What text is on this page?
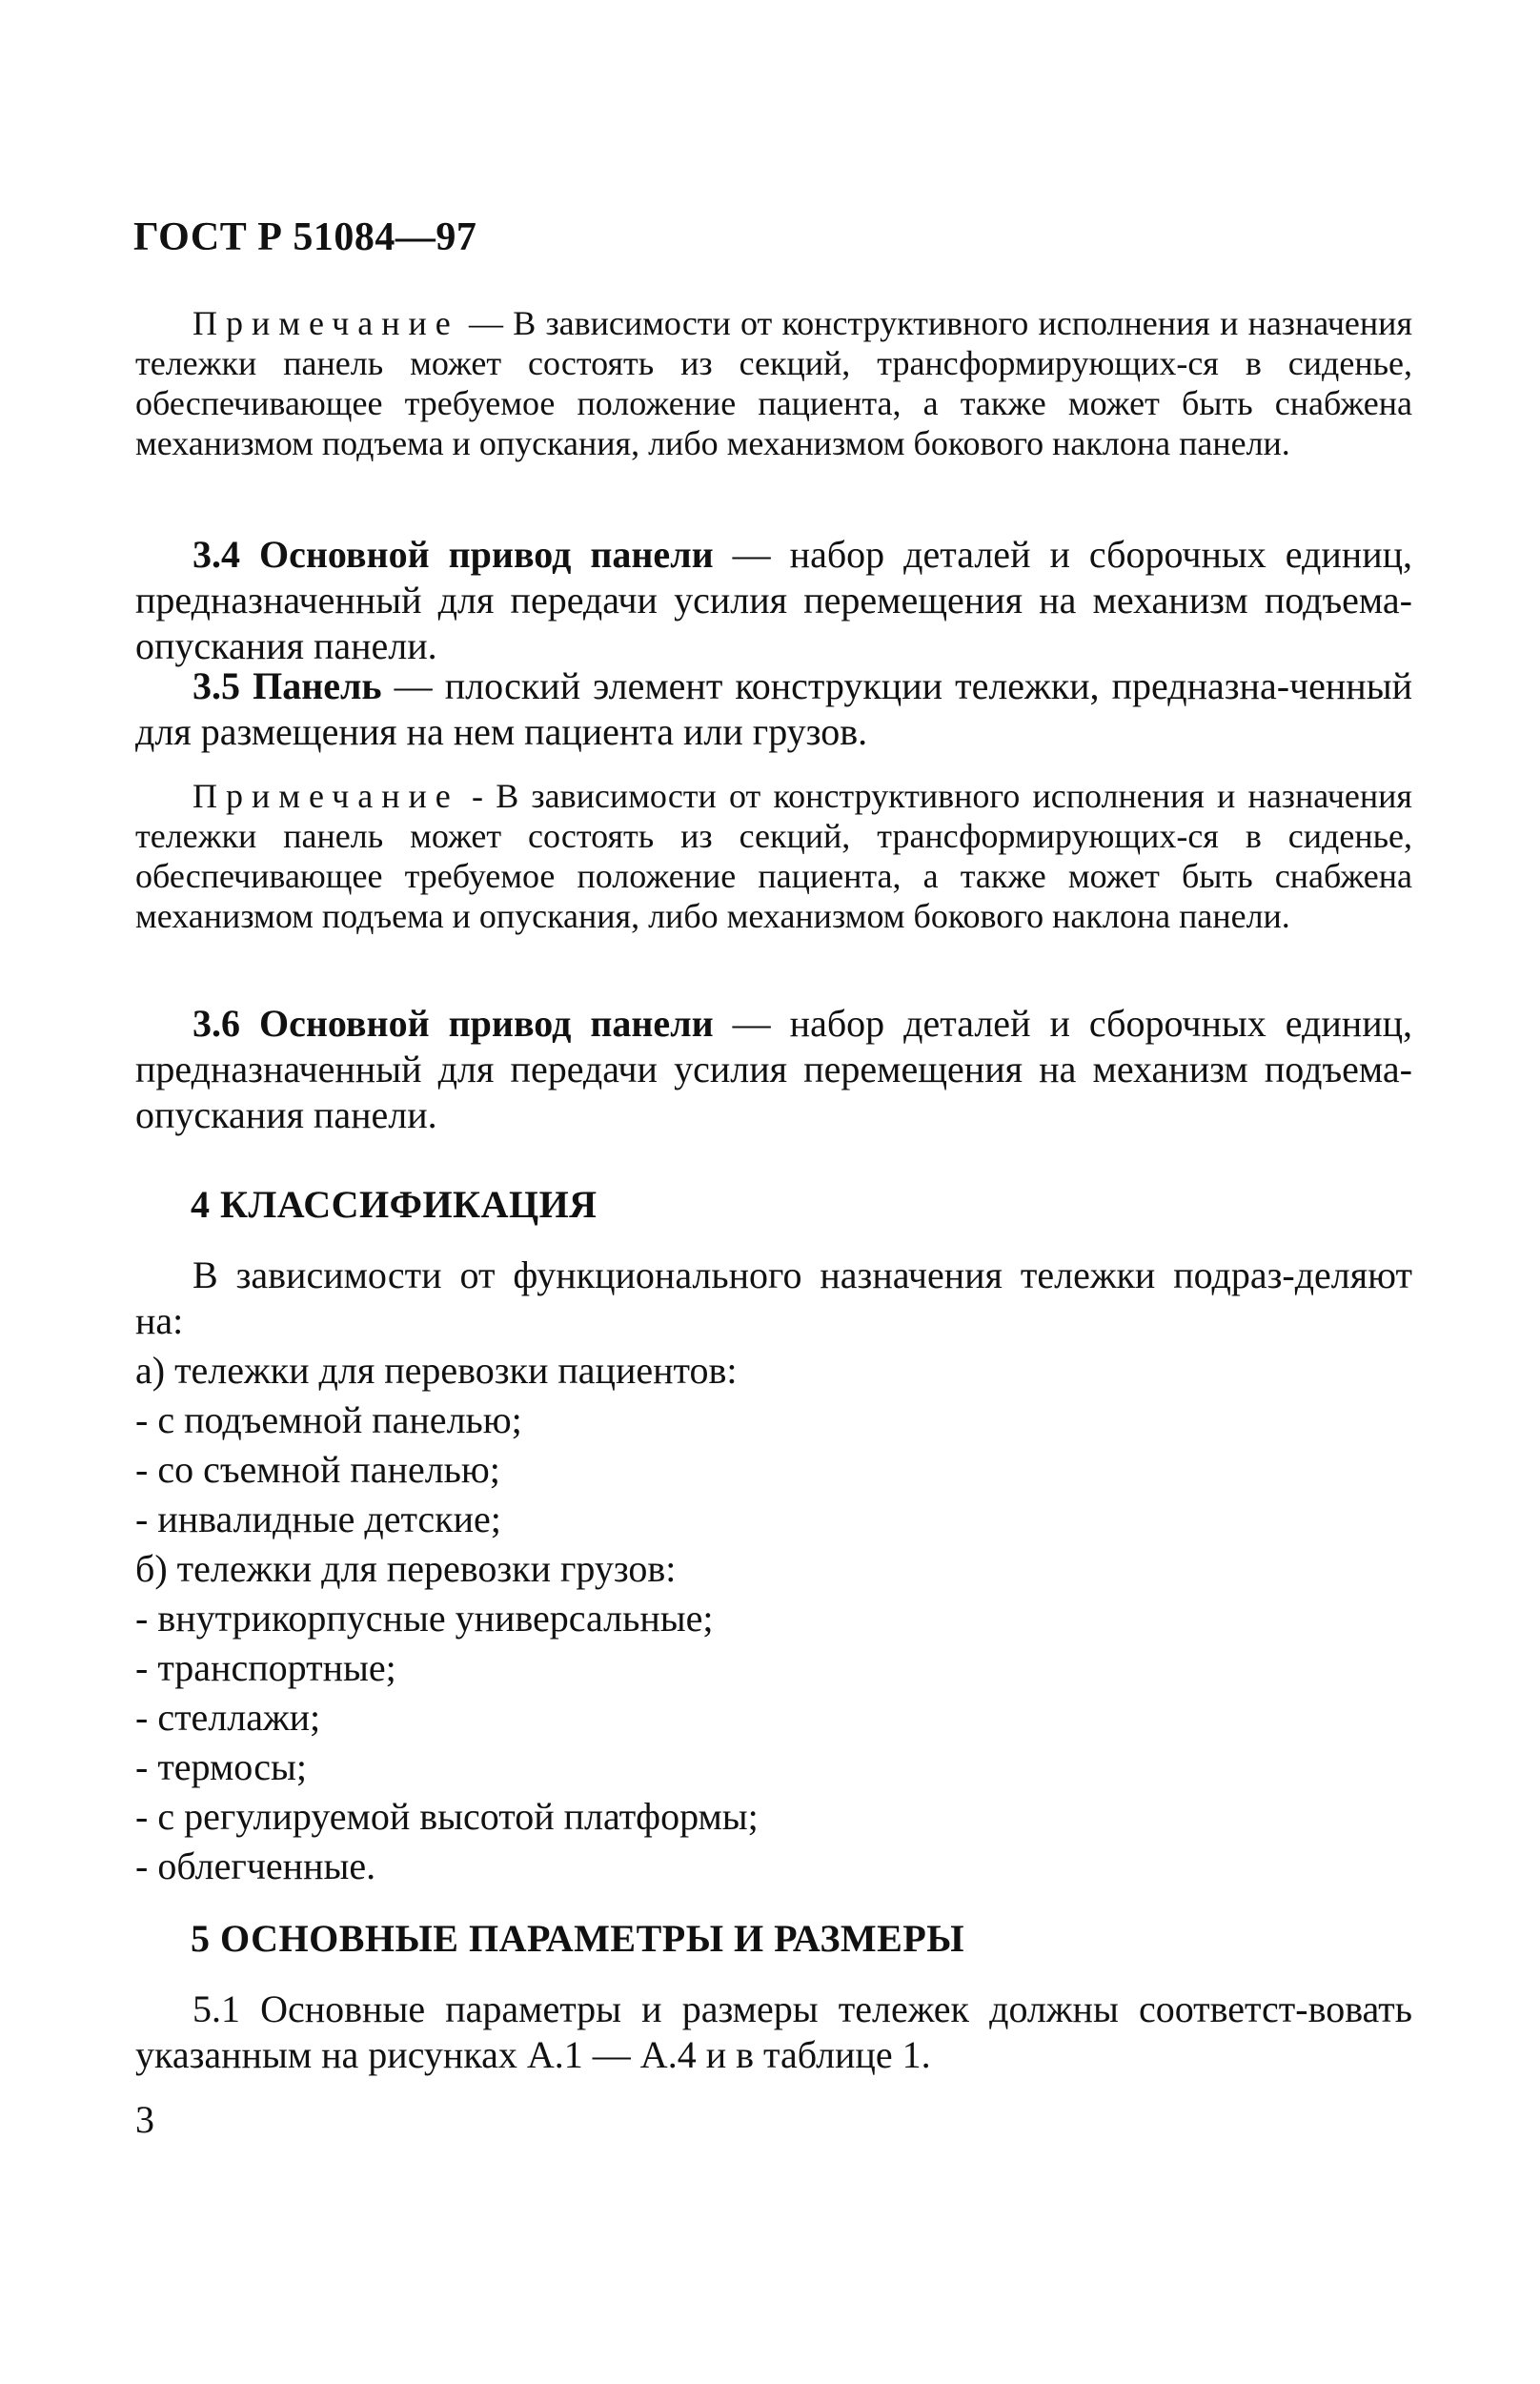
ГОСТ Р 51084—97
Примечание — В зависимости от конструктивного исполнения и назначения тележки панель может состоять из секций, трансформирующих-ся в сиденье, обеспечивающее требуемое положение пациента, а также может быть снабжена механизмом подъема и опускания, либо механизмом бокового наклона панели.
3.4 Основной привод панели — набор деталей и сборочных единиц, предназначенный для передачи усилия перемещения на механизм подъема-опускания панели.
3.5 Панель — плоский элемент конструкции тележки, предназна-ченный для размещения на нем пациента или грузов.
Примечание - В зависимости от конструктивного исполнения и назначения тележки панель может состоять из секций, трансформирующих-ся в сиденье, обеспечивающее требуемое положение пациента, а также может быть снабжена механизмом подъема и опускания, либо механизмом бокового наклона панели.
3.6 Основной привод панели — набор деталей и сборочных единиц, предназначенный для передачи усилия перемещения на механизм подъема-опускания панели.
4 КЛАССИФИКАЦИЯ
В зависимости от функционального назначения тележки подраз-деляют на:
а) тележки для перевозки пациентов:
- с подъемной панелью;
- со съемной панелью;
- инвалидные детские;
б) тележки для перевозки грузов:
- внутрикорпусные универсальные;
- транспортные;
- стеллажи;
- термосы;
- с регулируемой высотой платформы;
- облегченные.
5 ОСНОВНЫЕ ПАРАМЕТРЫ И РАЗМЕРЫ
5.1 Основные параметры и размеры тележек должны соответст-вовать указанным на рисунках А.1 — А.4 и в таблице 1.
3
